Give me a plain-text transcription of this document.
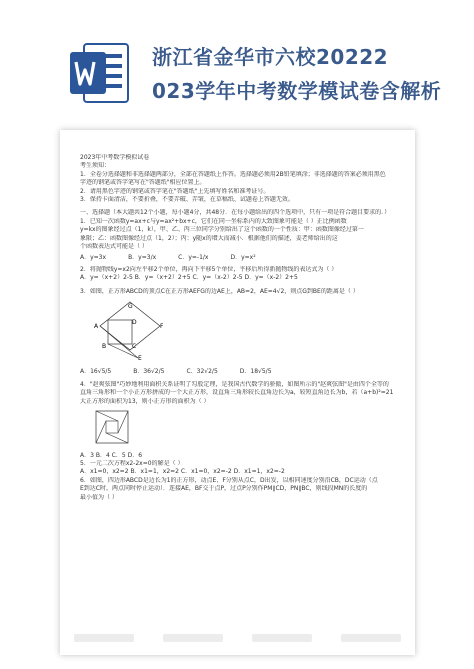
浙江省金华市六校20222
023学年中考数学模试卷含解析

2023年中考数学模拟试卷

考生须知：

1．全卷分选择题和非选择题两部分，全部在答题纸上作答。选择题必须用2B铅笔填涂；非选择题的答案必须用黑色

字迹的钢笔或答字笔写在"答题纸"相应位置上。

2．请用黑色字迹的钢笔或答字笔在"答题纸"上先填写姓名和准考证号。

3．保持卡面清洁，不要折叠，不要弄破、弄皱，在草稿纸、试题卷上答题无效。

一、选择题（本大题共12个小题，每小题4分，共48分．在每小题给出的四个选项中，只有一项是符合题目要求的．）

1．已知一次函数y=ax+c与y=ax²+bx+c，它们在同一坐标系内的大致图象可能是（ ）正比例函数

y=kx的图象经过点（1，k），甲、乙、丙三位同学分别给出了这个函数的一个性质：甲：函数图像经过第一

象限；乙：函数图像经过点（1，2）；丙：y随x的增大而减小．根据他们的描述，姜老师给出的这

个函数表达式可能是（ ）

A．y=3x	B．y=3/x	C．y=-1/x	D．y=x²

2．将抛物线y=x2向左平移2个单位，再向下平移5个单位，平移后所得新抛物线的表达式为（ ）

A．y=（x+2）2-5 B．y=（x+2）2+5 C．y=（x-2）2-5 D．y=（x-2）2+5

3．如图，正方形ABCD的顶点C在正方形AEFG的边AE上，AB=2，AE=4√2，则点G到BE的距离是（ ）

G
F
A
D
B	C
E
A．16√5/5	B．36√2/5	C．32√2/5	D．18√5/5

4．"赵爽弦图"巧妙地利用面积关系证明了勾股定理，是我国古代数学的骄傲，如图所示的"赵爽弦图"是由四个全等的

直角三角形和一个小正方形拼成的一个大正方形，设直角三角形较长直角边长为a，较短直角边长为b，若（a+b)²=21

大正方形的面积为13，则小正方形的面积为（ ）

A．3 B．4 C．5 D．6

5．一元二次方程x2-2x=0的解是（ ）

A．x1=0，x2=2 B．x1=1，x2=2 C．x1=0，x2=-2 D．x1=1，x2=-2

6．如图，四边形ABCD是边长为1的正方形，动点E、F分别从点C，D出发，以相同速度分别沿CB，DC运动（点

E到达C时，两点同时停止运动）．连接AE，BF交于点P，过点P分别作PM∥CD，PN∥BC，则线段MN的长度的

最小值为（ ）
